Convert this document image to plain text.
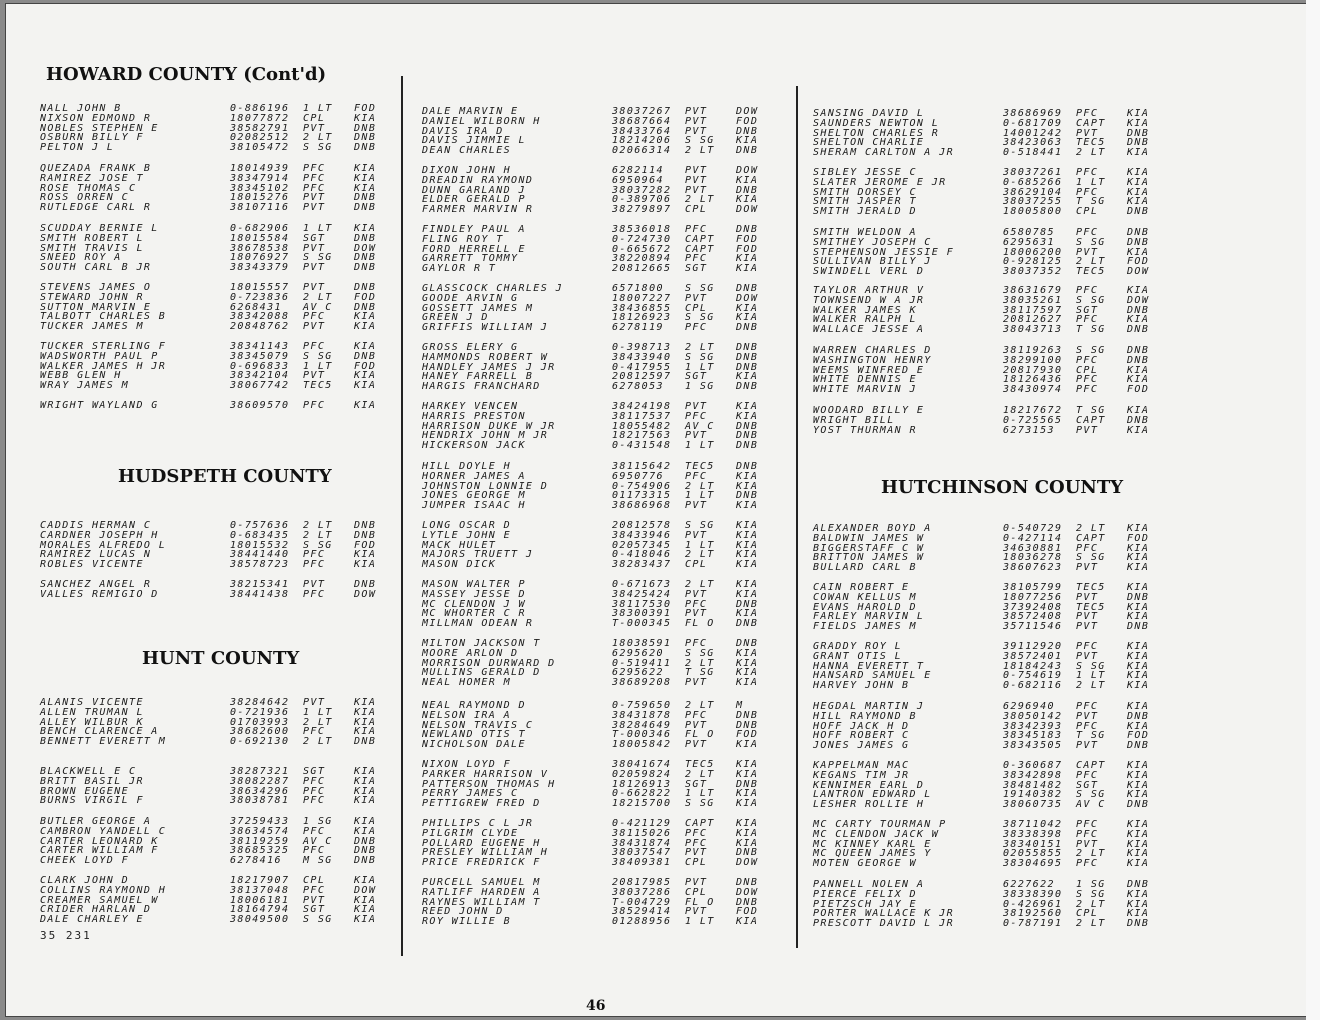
HOWARD COUNTY (Cont'd)
NALL JOHN B	0-886196 1 LT FOD
NIXSON EDMOND R	18077872 CPL	KIA
NOBLES STEPHEN E	38582791 PVT	DNB
OSBURN BILLY F	02082512 2 LT DNB
PELTON J L	38105472 S SG DNB
QUEZADA FRANK B	18014939 PFC	KIA
RAMIREZ JOSE T	38347914 PFC	KIA
ROSE THOMAS C	38345102 PFC	KIA
ROSS ORREN C	18015276 PVT	DNB
RUTLEDGE CARL R	38107116 PVT	DNB
SCUDDAY BERNIE L	0-682906 1 LT KIA
SMITH ROBERT L	18015584 SGT	DNB
SMITH TRAVIS L	38678538 PVT	DOW
SNEED ROY A	18076927 S SG DNB
SOUTH CARL B JR	38343379 PVT	DNB
STEVENS JAMES O	18015557 PVT	DNB
STEWARD JOHN R	0-723836 2 LT FOD
SUTTON MARVIN E	6268431 AV C DNB
TALBOTT CHARLES B	38342088 PFC	KIA
TUCKER JAMES M	20848762 PVT	KIA
TUCKER STERLING F	38341143 PFC	KIA
WADSWORTH PAUL P	38345079 S SG DNB
WALKER JAMES H JR	0-696833 1 LT FOD
WEBB GLEN H	38342104 PVT	KIA
WRAY JAMES M	38067742 TEC5 KIA
WRIGHT WAYLAND G	38609570 PFC	KIA
HUDSPETH COUNTY
CADDIS HERMAN C	0-757636 2 LT DNB
CARDNER JOSEPH H	0-683435 2 LT DNB
MORALES ALFREDO L	18015532 S SG FOD
RAMIREZ LUCAS N	38441440 PFC	KIA
ROBLES VICENTE	38578723 PFC	KIA
SANCHEZ ANGEL R	38215341 PVT	DNB
VALLES REMIGIO D	38441438 PFC	DOW
HUNT COUNTY
ALANIS VICENTE	38284642 PVT	KIA
ALLEN TRUMAN L	0-721936 1 LT KIA
ALLEY WILBUR K	01703993 2 LT KIA
BENCH CLARENCE A	38682600 PFC	KIA
BENNETT EVERETT M	0-692130 2 LT DNB
BLACKWELL E C	38287321 SGT	KIA
BRITT BASIL JR	38082287 PFC	KIA
BROWN EUGENE	38634296 PFC	KIA
BURNS VIRGIL F	38038781 PFC	KIA
BUTLER GEORGE A	37259433 1 SG KIA
CAMBRON YANDELL C	38634574 PFC	KIA
CARTER LEONARD K	38119259 AV C DNB
CARTER WILLIAM F	38685325 PFC	DNB
CHEEK LOYD F	6278416 M SG DNB
CLARK JOHN D	18217907 CPL	KIA
COLLINS RAYMOND H	38137048 PFC	DOW
CREAMER SAMUEL W	18006181 PVT	KIA
CRIDER HARLAN D	18164794 SGT	KIA
DALE CHARLEY E	38049500 S SG KIA
DALE MARVIN E	38037267 PVT	DOW
DANIEL WILBORN H	38687664 PVT	FOD
DAVIS IRA D	38433764 PVT	DNB
DAVIS JIMMIE L	18214206 S SG KIA
DEAN CHARLES	02066314 2 LT DNB
DIXON JOHN H	6282114 PVT	DOW
DREADIN RAYMOND	6950964 PVT	KIA
DUNN GARLAND J	38037282 PVT	DNB
ELDER GERALD P	0-389706 2 LT KIA
FARMER MARVIN R	38279897 CPL	DOW
FINDLEY PAUL A	38536018 PFC	DNB
FLING ROY T	0-724730 CAPT FOD
FORD HERRELL E	0-665672 CAPT FOD
GARRETT TOMMY	38220894 PFC	KIA
GAYLOR R T	20812665 SGT	KIA
GLASSCOCK CHARLES J	6571800 S SG DNB
GOODE ARVIN G	18007227 PVT	DOW
GOSSETT JAMES M	38436855 CPL	KIA
GREEN J D	18126923 S SG KIA
GRIFFIS WILLIAM J	6278119 PFC	DNB
GROSS ELERY G	0-398713 2 LT DNB
HAMMONDS ROBERT W	38433940 S SG DNB
HANDLEY JAMES J JR	0-417955 1 LT DNB
HANEY FARRELL B	20812597 SGT	KIA
HARGIS FRANCHARD	6278053 1 SG DNB
HARKEY VENCEN	38424198 PVT	KIA
HARRIS PRESTON	38117537 PFC	KIA
HARRISON DUKE W JR	18055482 AV C DNB
HENDRIX JOHN M JR	18217563 PVT	DNB
HICKERSON JACK	0-431548 1 LT DNB
HILL DOYLE H	38115642 TEC5 DNB
HORNER JAMES A	6950776 PFC	KIA
JOHNSTON LONNIE D	0-754906 2 LT KIA
JONES GEORGE M	01173315 1 LT DNB
JUMPER ISAAC H	38686968 PVT	KIA
LONG OSCAR D	20812578 S SG KIA
LYTLE JOHN E	38433946 PVT	KIA
MACK HULET	02057345 1 LT KIA
MAJORS TRUETT J	0-418046 2 LT KIA
MASON DICK	38283437 CPL	KIA
MASON WALTER P	0-671673 2 LT KIA
MASSEY JESSE D	38425424 PVT	KIA
MC CLENDON J W	38117530 PFC	DNB
MC WHORTER C R	38300391 PVT	KIA
MILLMAN ODEAN R	T-000345 FL O DNB
MILTON JACKSON T	18038591 PFC	DNB
MOORE ARLON D	6295620 S SG KIA
MORRISON DURWARD D	0-519411 2 LT KIA
MULLINS GERALD D	6295622 T SG KIA
NEAL HOMER M	38689208 PVT	KIA
NEAL RAYMOND D	0-759650 2 LT M
NELSON IRA A	38431878 PFC	DNB
NELSON TRAVIS C	38284649 PVT	DNB
NEWLAND OTIS T	T-000346 FL O FOD
NICHOLSON DALE	18005842 PVT	KIA
NIXON LOYD F	38041674 TEC5 KIA
PARKER HARRISON V	02059824 2 LT KIA
PATTERSON THOMAS H	18126913 SGT	DNB
PERRY JAMES C	0-662822 1 LT KIA
PETTIGREW FRED D	18215700 S SG KIA
PHILLIPS C L JR	0-421129 CAPT KIA
PILGRIM CLYDE	38115026 PFC	KIA
POLLARD EUGENE H	38431874 PFC	KIA
PRESLEY WILLIAM H	38037547 PVT	DNB
PRICE FREDRICK F	38409381 CPL	DOW
PURCELL SAMUEL M	20817985 PVT	DNB
RATLIFF HARDEN A	38037286 CPL	DOW
RAYNES WILLIAM T	T-004729 FL O DNB
REED JOHN D	38529414 PVT	FOD
ROY WILLIE B	01288956 1 LT KIA
SANSING DAVID L	38686969 PFC	KIA
SAUNDERS NEWTON L	0-681709 CAPT KIA
SHELTON CHARLES R	14001242 PVT	DNB
SHELTON CHARLIE	38423063 TEC5 DNB
SHERAM CARLTON A JR	0-518441 2 LT KIA
SIBLEY JESSE C	38037261 PFC	KIA
SLATER JEROME E JR	0-685266 1 LT KIA
SMITH DORSEY C	38629104 PFC	KIA
SMITH JASPER T	38037255 T SG KIA
SMITH JERALD D	18005800 CPL	DNB
SMITH WELDON A	6580785 PFC	DNB
SMITHEY JOSEPH C	6295631 S SG DNB
STEPHENSON JESSIE F	18006200 PVT	KIA
SULLIVAN BILLY J	0-928125 2 LT FOD
SWINDELL VERL D	38037352 TEC5 DOW
TAYLOR ARTHUR V	38631679 PFC	KIA
TOWNSEND W A JR	38035261 S SG DOW
WALKER JAMES K	38117597 SGT	DNB
WALKER RALPH L	20812627 PFC	KIA
WALLACE JESSE A	38043713 T SG DNB
WARREN CHARLES D	38119263 S SG DNB
WASHINGTON HENRY	38299100 PFC	DNB
WEEMS WINFRED E	20817930 CPL	KIA
WHITE DENNIS E	18126436 PFC	KIA
WHITE MARVIN J	38430974 PFC	FOD
WOODARD BILLY E	18217672 T SG KIA
WRIGHT BILL	0-725565 CAPT DNB
YOST THURMAN R	6273153 PVT	KIA
HUTCHINSON COUNTY
ALEXANDER BOYD A	0-540729 2 LT KIA
BALDWIN JAMES W	0-427114 CAPT FOD
BIGGERSTAFF C W	34630881 PFC	KIA
BRITTON JAMES W	18036278 S SG KIA
BULLARD CARL B	38607623 PVT	KIA
CAIN ROBERT E	38105799 TEC5 KIA
COWAN KELLUS M	18077256 PVT	DNB
EVANS HAROLD D	37392408 TEC5 KIA
FARLEY MARVIN L	38572408 PVT	KIA
FIELDS JAMES M	35711546 PVT	DNB
GRADDY ROY L	39112920 PFC	KIA
GRANT OTIS L	38572401 PVT	KIA
HANNA EVERETT T	18184243 S SG KIA
HANSARD SAMUEL E	0-754619 1 LT KIA
HARVEY JOHN B	0-682116 2 LT KIA
HEGDAL MARTIN J	6296940 PFC	KIA
HILL RAYMOND B	38050142 PVT	DNB
HOFF JACK H D	38342393 PFC	KIA
HOFF ROBERT C	38345183 T SG FOD
JONES JAMES G	38343505 PVT	DNB
KAPPELMAN MAC	0-360687 CAPT KIA
KEGANS TIM JR	38342898 PFC	KIA
KENNIMER EARL D	38481482 SGT	KIA
LANTRON EDWARD L	19140382 S SG KIA
LESHER ROLLIE H	38060735 AV C DNB
MC CARTY TOURMAN P	38711042 PFC	KIA
MC CLENDON JACK W	38338398 PFC	KIA
MC KINNEY KARL E	38340151 PVT	KIA
MC QUEEN JAMES Y	02055855 2 LT KIA
MOTEN GEORGE W	38304695 PFC	KIA
PANNELL NOLEN A	6227622 1 SG DNB
PIERCE FELIX D	38338390 S SG KIA
PIETZSCH JAY E	0-426961 2 LT KIA
PORTER WALLACE K JR	38192560 CPL	KIA
PRESCOTT DAVID L JR	0-787191 2 LT DNB
35 231
46
